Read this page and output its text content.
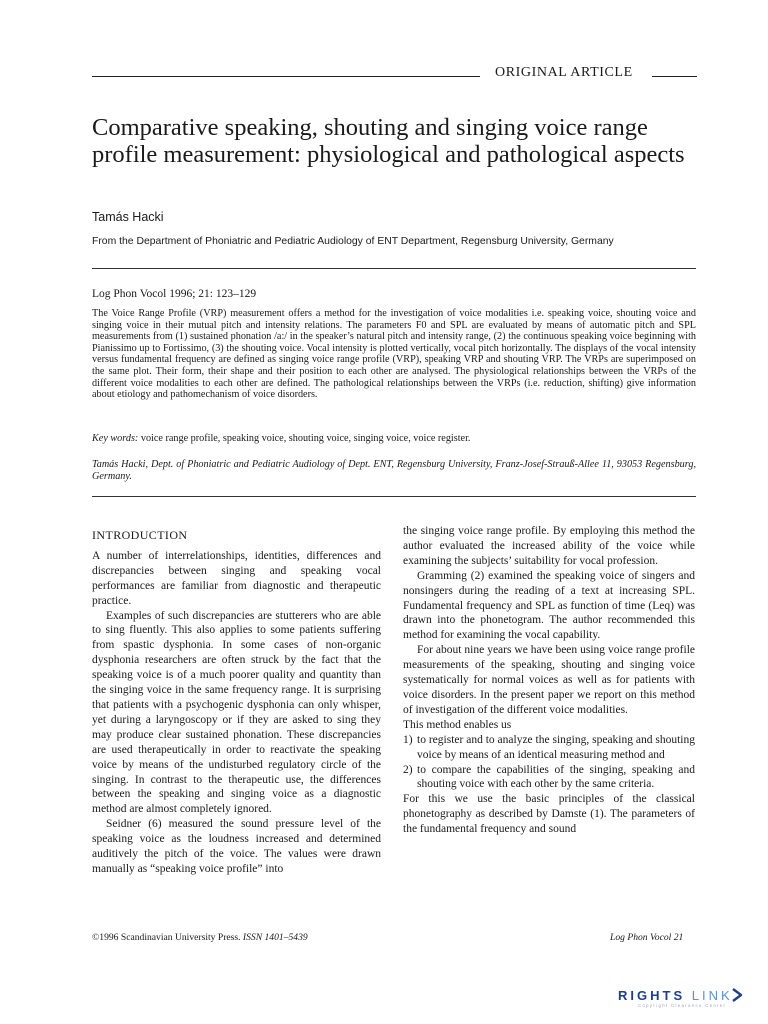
ORIGINAL ARTICLE
Comparative speaking, shouting and singing voice range profile measurement: physiological and pathological aspects
Tamás Hacki
From the Department of Phoniatric and Pediatric Audiology of ENT Department, Regensburg University, Germany
Log Phon Vocol 1996; 21: 123–129

The Voice Range Profile (VRP) measurement offers a method for the investigation of voice modalities i.e. speaking voice, shouting voice and singing voice in their mutual pitch and intensity relations. The parameters F0 and SPL are evaluated by means of automatic pitch and SPL measurements from (1) sustained phonation /a:/ in the speaker’s natural pitch and intensity range, (2) the continuous speaking voice beginning with Pianissimo up to Fortissimo, (3) the shouting voice. Vocal intensity is plotted vertically, vocal pitch horizontally. The displays of the vocal intensity versus fundamental frequency are defined as singing voice range profile (VRP), speaking VRP and shouting VRP. The VRPs are superimposed on the same plot. Their form, their shape and their position to each other are analysed. The physiological relationships between the VRPs of the different voice modalities to each other are defined. The pathological relationships between the VRPs (i.e. reduction, shifting) give information about etiology and pathomechanism of voice disorders.

Key words: voice range profile, speaking voice, shouting voice, singing voice, voice register.
Tamás Hacki, Dept. of Phoniatric and Pediatric Audiology of Dept. ENT, Regensburg University, Franz-Josef-Strauß-Allee 11, 93053 Regensburg, Germany.

INTRODUCTION

A number of interrelationships, identities, differences and discrepancies between singing and speaking vocal performances are familiar from diagnostic and therapeutic practice.

Examples of such discrepancies are stutterers who are able to sing fluently. This also applies to some patients suffering from spastic dysphonia. In some cases of non-organic dysphonia researchers are often struck by the fact that the speaking voice is of a much poorer quality and quantity than the singing voice in the same frequency range. It is surprising that patients with a psychogenic dysphonia can only whisper, yet during a laryngoscopy or if they are asked to sing they may produce clear sustained phonation. These discrepancies are used therapeutically in order to reactivate the speaking voice by means of the undisturbed regulatory circle of the singing. In contrast to the therapeutic use, the differences between the speaking and singing voice as a diagnostic method are almost completely ignored.

Seidner (6) measured the sound pressure level of the speaking voice as the loudness increased and determined auditively the pitch of the voice. The values were drawn manually as “speaking voice profile” into

the singing voice range profile. By employing this method the author evaluated the increased ability of the voice while examining the subjects’ suitability for vocal profession.

Gramming (2) examined the speaking voice of singers and nonsingers during the reading of a text at increasing SPL. Fundamental frequency and SPL as function of time (Leq) was drawn into the phonetogram. The author recommended this method for examining the vocal capability.

For about nine years we have been using voice range profile measurements of the speaking, shouting and singing voice systematically for normal voices as well as for patients with voice disorders. In the present paper we report on this method of investigation of the different voice modalities.

This method enables us

1) to register and to analyze the singing, speaking and shouting voice by means of an identical measuring method and
2) to compare the capabilities of the singing, speaking and shouting voice with each other by the same criteria.

For this we use the basic principles of the classical phonetography as described by Damste (1). The parameters of the fundamental frequency and sound

©1996 Scandinavian University Press. ISSN 1401–5439	Log Phon Vocol 21
RIGHTS LINK
Copyright Clearance Center
